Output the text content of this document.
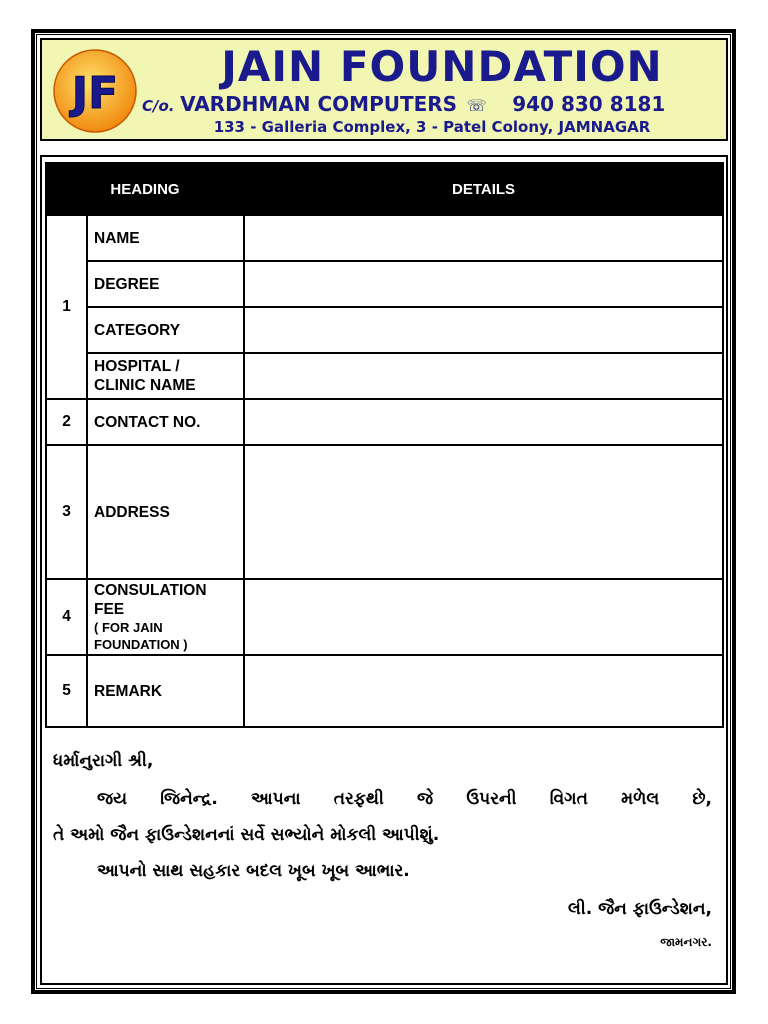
JF
JAIN FOUNDATION
C/o. VARDHMAN COMPUTERS ☏ 940 830 8181
133 - Galleria Complex, 3 - Patel Colony, JAMNAGAR
HEADING		DETAILS
1	NAME	
	DEGREE	
	CATEGORY	

	HOSPITAL /
CLINIC NAME	

2	CONTACT NO.	
3	ADDRESS	
4	CONSULATION
FEE
( FOR JAIN
FOUNDATION )	

5	REMARK	
ધર્માનુરાગી શ્રી,
જય જિનેન્દ્ર. આપના તરફથી જે ઉપરની વિગત મળેલ છે,
તે અમો જૈન ફાઉન્ડેશનનાં સર્વે સભ્યોને મોકલી આપીશું.
આપનો સાથ સહકાર બદલ ખૂબ ખૂબ આભાર.
લી. જૈન ફાઉન્ડેશન,
જામનગર.
